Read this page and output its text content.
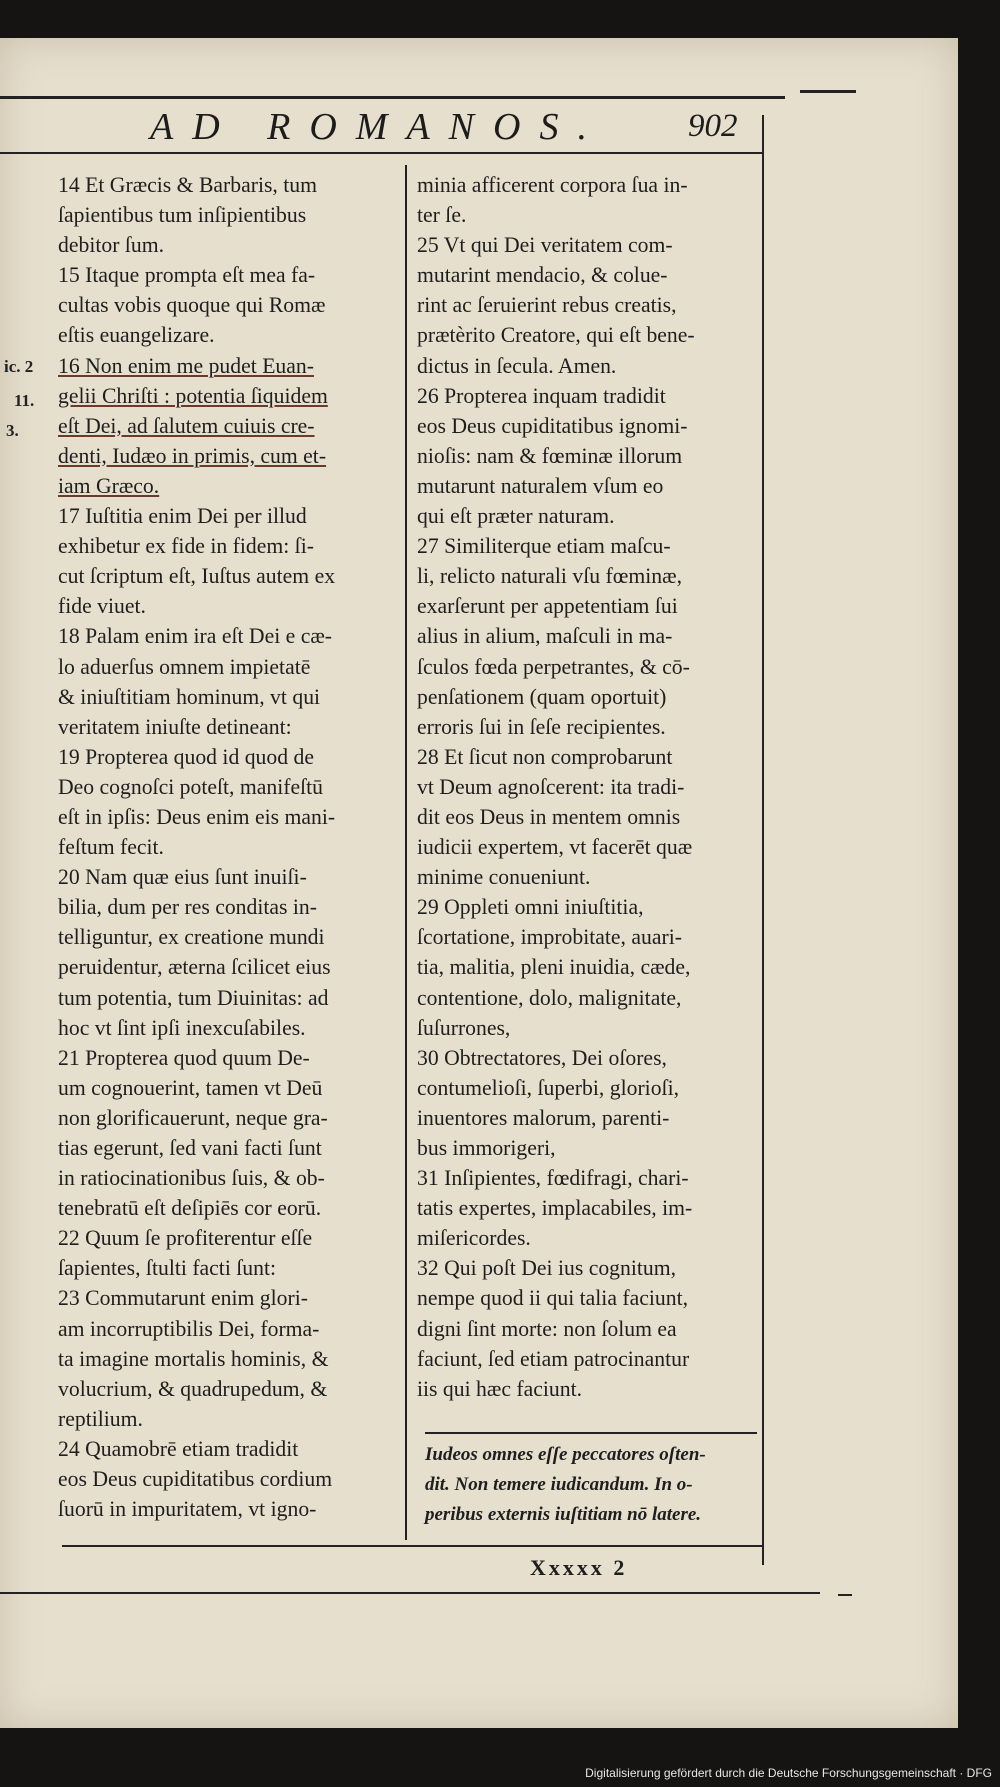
AD ROMANOS.	902
ic. 2
11.
3.
14 Et Græcis & Barbaris, tum
ſapientibus tum inſipientibus
debitor ſum.
15 Itaque prompta eſt mea fa-
cultas vobis quoque qui Romæ
eſtis euangelizare.
16 Non enim me pudet Euan-
gelii Chriſti : potentia ſiquidem
eſt Dei, ad ſalutem cuiuis cre-
denti, Iudæo in primis, cum et-
iam Græco.
17 Iuſtitia enim Dei per illud
exhibetur ex fide in fidem: ſi-
cut ſcriptum eſt, Iuſtus autem ex
fide viuet.
18 Palam enim ira eſt Dei e cæ-
lo aduerſus omnem impietatē
& iniuſtitiam hominum, vt qui
veritatem iniuſte detineant:
19 Propterea quod id quod de
Deo cognoſci poteſt, manifeſtū
eſt in ipſis: Deus enim eis mani-
feſtum fecit.
20 Nam quæ eius ſunt inuiſi-
bilia, dum per res conditas in-
telliguntur, ex creatione mundi
peruidentur, æterna ſcilicet eius
tum potentia, tum Diuinitas: ad
hoc vt ſint ipſi inexcuſabiles.
21 Propterea quod quum De-
um cognouerint, tamen vt Deū
non glorificauerunt, neque gra-
tias egerunt, ſed vani facti ſunt
in ratiocinationibus ſuis, & ob-
tenebratū eſt deſipiēs cor eorū.
22 Quum ſe profiterentur eſſe
ſapientes, ſtulti facti ſunt:
23 Commutarunt enim glori-
am incorruptibilis Dei, forma-
ta imagine mortalis hominis, &
volucrium, & quadrupedum, &
reptilium.
24 Quamobrē etiam tradidit
eos Deus cupiditatibus cordium
ſuorū in impuritatem, vt igno-
minia afficerent corpora ſua in-
ter ſe.
25 Vt qui Dei veritatem com-
mutarint mendacio, & colue-
rint ac ſeruierint rebus creatis,
prætèrito Creatore, qui eſt bene-
dictus in ſecula. Amen.
26 Propterea inquam tradidit
eos Deus cupiditatibus ignomi-
nioſis: nam & fœminæ illorum
mutarunt naturalem vſum eo
qui eſt præter naturam.
27 Similiterque etiam maſcu-
li, relicto naturali vſu fœminæ,
exarſerunt per appetentiam ſui
alius in alium, maſculi in ma-
ſculos fœda perpetrantes, & cō-
penſationem (quam oportuit)
erroris ſui in ſeſe recipientes.
28 Et ſicut non comprobarunt
vt Deum agnoſcerent: ita tradi-
dit eos Deus in mentem omnis
iudicii expertem, vt facerēt quæ
minime conueniunt.
29 Oppleti omni iniuſtitia,
ſcortatione, improbitate, auari-
tia, malitia, pleni inuidia, cæde,
contentione, dolo, malignitate,
ſuſurrones,
30 Obtrectatores, Dei oſores,
contumelioſi, ſuperbi, glorioſi,
inuentores malorum, parenti-
bus immorigeri,
31 Inſipientes, fœdifragi, chari-
tatis expertes, implacabiles, im-
miſericordes.
32 Qui poſt Dei ius cognitum,
nempe quod ii qui talia faciunt,
digni ſint morte: non ſolum ea
faciunt, ſed etiam patrocinantur
iis qui hæc faciunt.
Iudeos omnes eſſe peccatores oſten-
dit. Non temere iudicandum. In o-
peribus externis iuſtitiam nō latere.
Xxxxx 2
Digitalisierung gefördert durch die Deutsche Forschungsgemeinschaft · DFG
